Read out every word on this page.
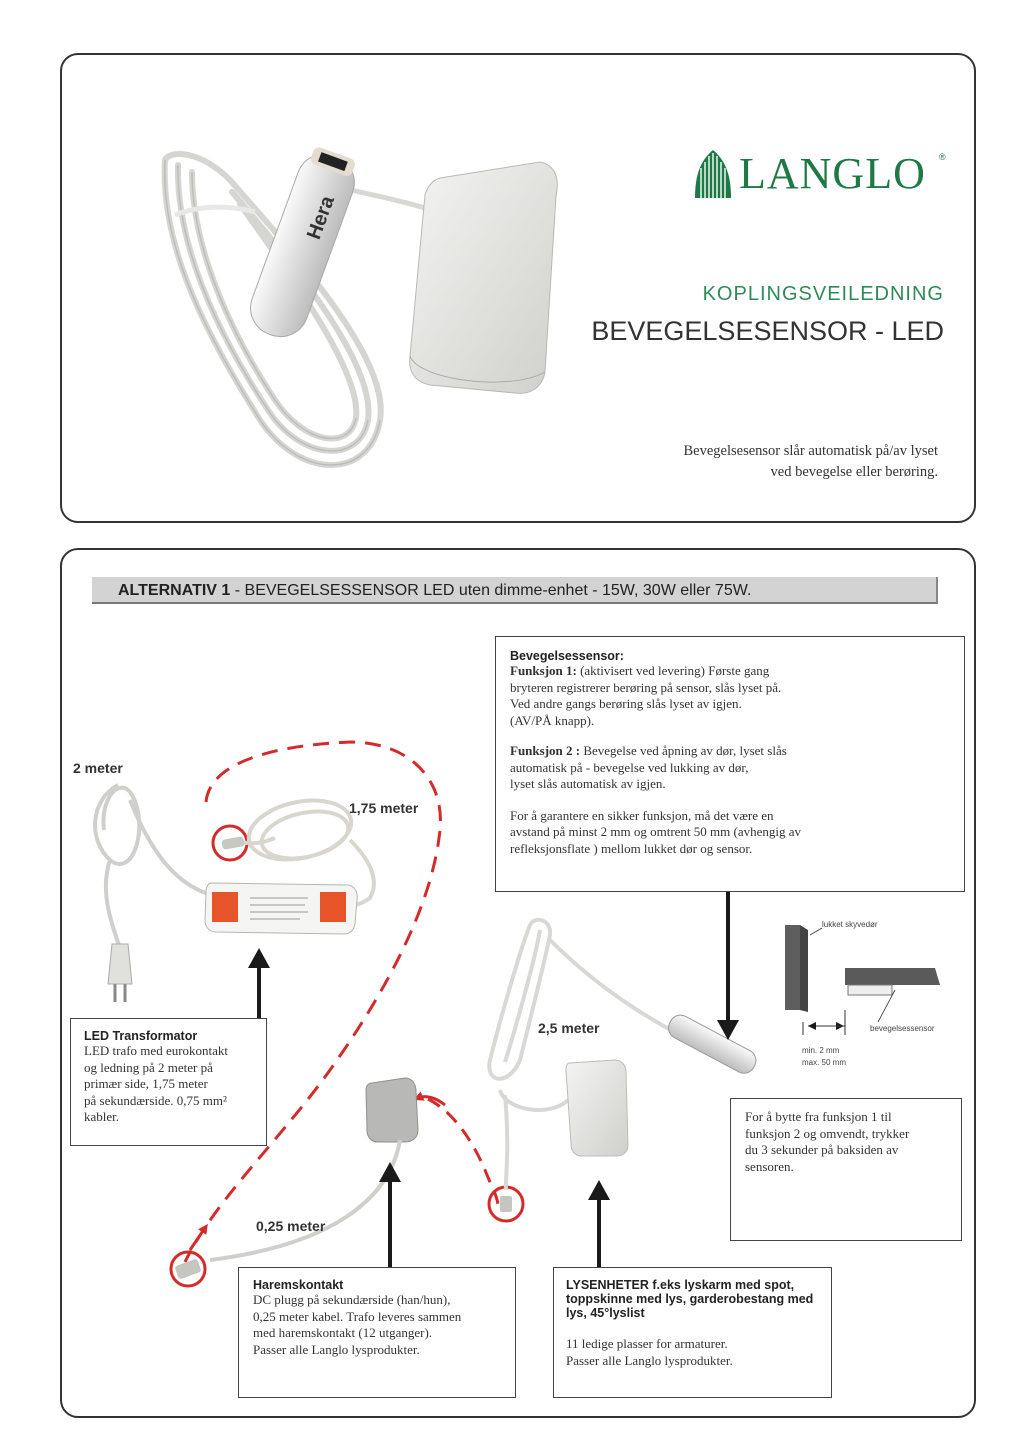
Hera
LANGLO ®
KOPLINGSVEILEDNING
BEVEGELSESENSOR - LED
Bevegelsesensor slår automatisk på/av lyset
ved bevegelse eller berøring.
ALTERNATIV 1 - BEVEGELSESSENSOR LED uten dimme-enhet - 15W, 30W eller 75W.
2 meter
1,75 meter
2,5 meter
0,25 meter
Bevegelsessensor:
Funksjon 1: (aktivisert ved levering) Første gang
bryteren registrerer berøring på sensor, slås lyset på.
Ved andre gangs berøring slås lyset av igjen.
(AV/PÅ knapp).
Funksjon 2 : Bevegelse ved åpning av dør, lyset slås
automatisk på - bevegelse ved lukking av dør,
lyset slås automatisk av igjen.
For å garantere en sikker funksjon, må det være en
avstand på minst 2 mm og omtrent 50 mm (avhengig av
refleksjonsflate ) mellom lukket dør og sensor.
lukket skyvedør
bevegelsessensor
min. 2 mm
max. 50 mm
LED Transformator
LED trafo med eurokontakt
og ledning på 2 meter på
primær side, 1,75 meter
på sekundærside. 0,75 mm²
kabler.	For å bytte fra funksjon 1 til
funksjon 2 og omvendt, trykker
du 3 sekunder på baksiden av
sensoren.
Haremskontakt
DC plugg på sekundærside (han/hun),
0,25 meter kabel. Trafo leveres sammen
med haremskontakt (12 utganger).
Passer alle Langlo lysprodukter.
LYSENHETER f.eks lyskarm med spot,
toppskinne med lys, garderobestang med
lys, 45°lyslist
11 ledige plasser for armaturer.
Passer alle Langlo lysprodukter.
